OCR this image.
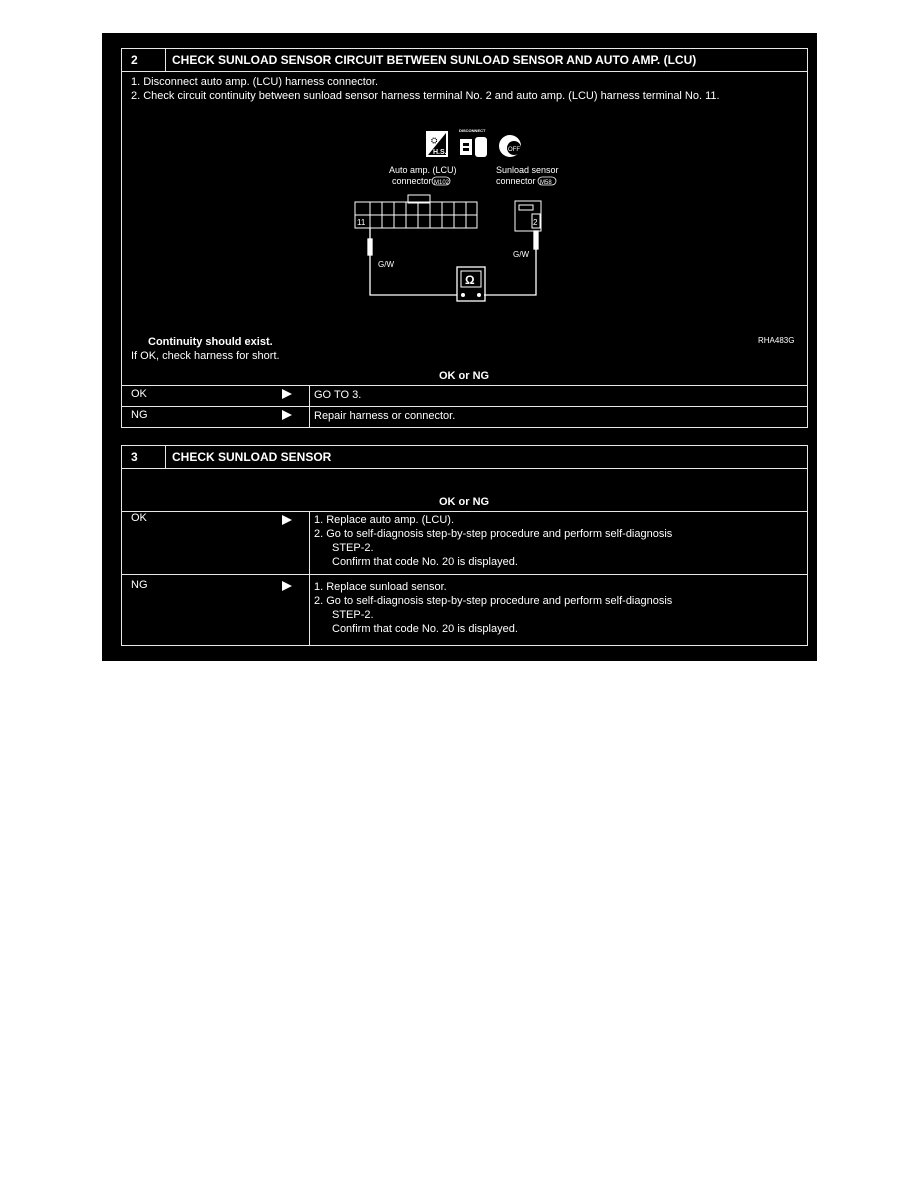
2	CHECK SUNLOAD SENSOR CIRCUIT BETWEEN SUNLOAD SENSOR AND AUTO AMP. (LCU)
1. Disconnect auto amp. (LCU) harness connector.
2. Check circuit continuity between sunload sensor harness terminal No. 2 and auto amp. (LCU) harness terminal No. 11.
⛭
H.S.
DISCONNECT
OFF
Auto amp. (LCU)
connector M102
Sunload sensor
connector M58
11	2
G/W
G/W
Ω
RHA483G
Continuity should exist.
If OK, check harness for short.
OK or NG
OK	GO TO 3.
NG	Repair harness or connector.
3	CHECK SUNLOAD SENSOR
OK or NG
OK	1. Replace auto amp. (LCU).
2. Go to self-diagnosis step-by-step procedure and perform self-diagnosis
STEP-2.
Confirm that code No. 20 is displayed.
NG	1. Replace sunload sensor.
2. Go to self-diagnosis step-by-step procedure and perform self-diagnosis
STEP-2.
Confirm that code No. 20 is displayed.
